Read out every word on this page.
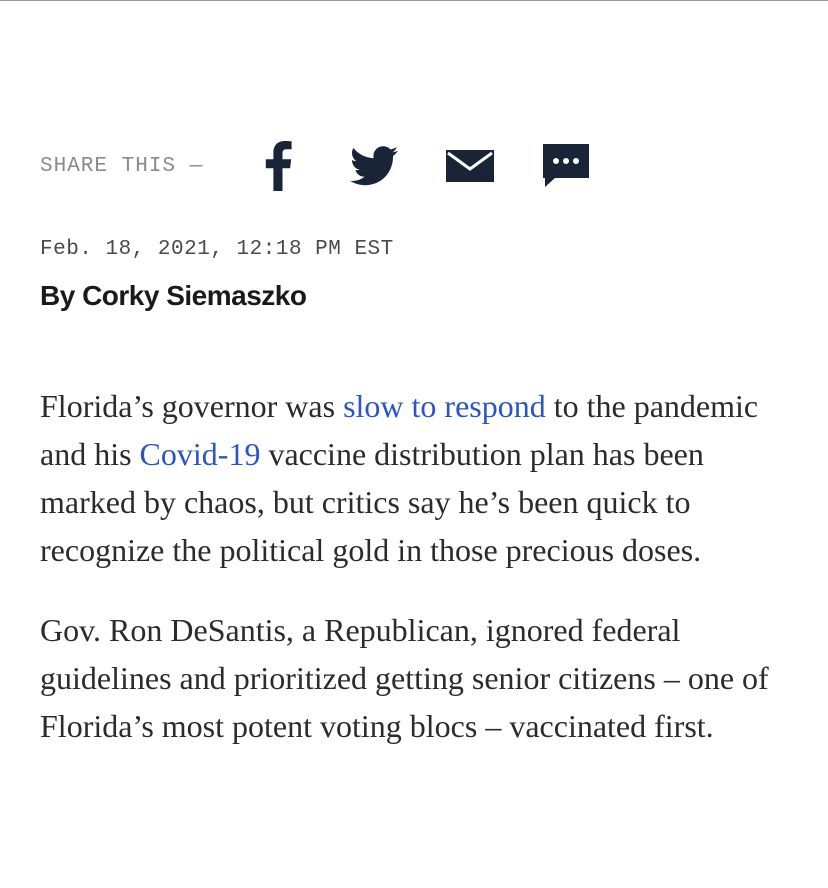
SHARE THIS —
Feb. 18, 2021, 12:18 PM EST
By Corky Siemaszko

Florida’s governor was slow to respond to the pandemic and his Covid-19 vaccine distribution plan has been marked by chaos, but critics say he’s been quick to recognize the political gold in those precious doses.

Gov. Ron DeSantis, a Republican, ignored federal guidelines and prioritized getting senior citizens – one of Florida’s most potent voting blocs – vaccinated first.
